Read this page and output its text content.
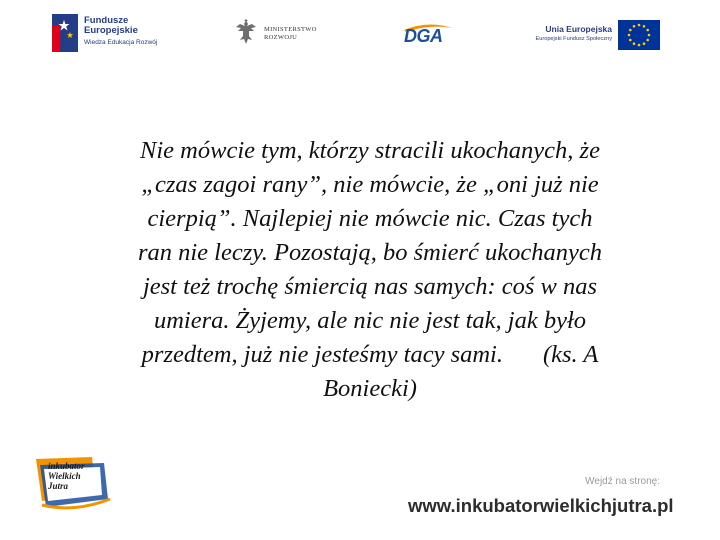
Fundusze
Europejskie
Wiedza Edukacja Rozwój
MINISTERSTWO
ROZWOJU	DGA	Unia Europejska
Europejski Fundusz Społeczny

Nie mówcie tym, którzy stracili ukochanych, że
„czas zagoi rany”, nie mówcie, że „oni już nie
cierpią”. Najlepiej nie mówcie nic. Czas tych
ran nie leczy. Pozostają, bo śmierć ukochanych
jest też trochę śmiercią nas samych: coś w nas
umiera. Żyjemy, ale nic nie jest tak, jak było
przedtem, już nie jesteśmy tacy sami. (ks. A
Boniecki)

inkubator
Wielkich
Jutra	Wejdź na stronę:
www.inkubatorwielkichjutra.pl
